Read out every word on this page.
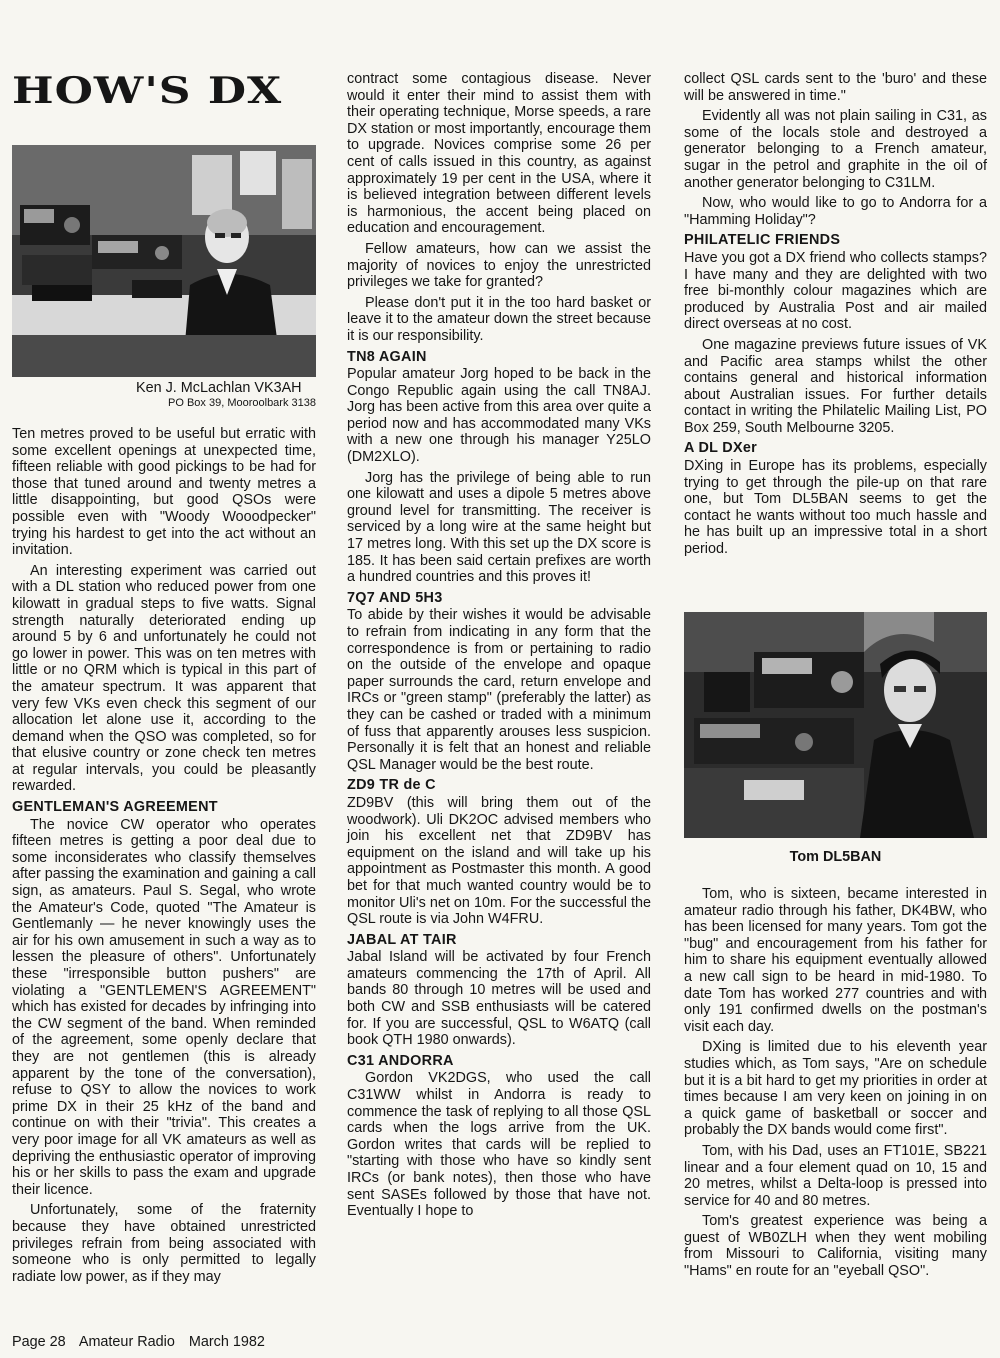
HOW'S DX
Ken J. McLachlan VK3AH
PO Box 39, Mooroolbark 3138

Ten metres proved to be useful but erratic with some excellent openings at unexpected time, fifteen reliable with good pickings to be had for those that tuned around and twenty metres a little disappointing, but good QSOs were possible even with "Woody Wooodpecker" trying his hardest to get into the act without an invitation.

An interesting experiment was carried out with a DL station who reduced power from one kilowatt in gradual steps to five watts. Signal strength naturally deteriorated ending up around 5 by 6 and unfortunately he could not go lower in power. This was on ten metres with little or no QRM which is typical in this part of the amateur spectrum. It was apparent that very few VKs even check this segment of our allocation let alone use it, according to the demand when the QSO was completed, so for that elusive country or zone check ten metres at regular intervals, you could be pleasantly rewarded.

GENTLEMAN'S AGREEMENT

The novice CW operator who operates fifteen metres is getting a poor deal due to some inconsiderates who classify themselves after passing the examination and gaining a call sign, as amateurs. Paul S. Segal, who wrote the Amateur's Code, quoted "The Amateur is Gentlemanly — he never knowingly uses the air for his own amusement in such a way as to lessen the pleasure of others". Unfortunately these "irresponsible button pushers" are violating a "GENTLEMEN'S AGREEMENT" which has existed for decades by infringing into the CW segment of the band. When reminded of the agreement, some openly declare that they are not gentlemen (this is already apparent by the tone of the conversation), refuse to QSY to allow the novices to work prime DX in their 25 kHz of the band and continue on with their "trivia". This creates a very poor image for all VK amateurs as well as depriving the enthusiastic operator of improving his or her skills to pass the exam and upgrade their licence.

Unfortunately, some of the fraternity because they have obtained unrestricted privileges refrain from being associated with someone who is only permitted to legally radiate low power, as if they may

contract some contagious disease. Never would it enter their mind to assist them with their operating technique, Morse speeds, a rare DX station or most importantly, encourage them to upgrade. Novices comprise some 26 per cent of calls issued in this country, as against approximately 19 per cent in the USA, where it is believed integration between different levels is harmonious, the accent being placed on education and encouragement.

Fellow amateurs, how can we assist the majority of novices to enjoy the unrestricted privileges we take for granted?

Please don't put it in the too hard basket or leave it to the amateur down the street because it is our responsibility.

TN8 AGAIN

Popular amateur Jorg hoped to be back in the Congo Republic again using the call TN8AJ. Jorg has been active from this area over quite a period now and has accommodated many VKs with a new one through his manager Y25LO (DM2XLO).

Jorg has the privilege of being able to run one kilowatt and uses a dipole 5 metres above ground level for transmitting. The receiver is serviced by a long wire at the same height but 17 metres long. With this set up the DX score is 185. It has been said certain prefixes are worth a hundred countries and this proves it!

7Q7 AND 5H3

To abide by their wishes it would be advisable to refrain from indicating in any form that the correspondence is from or pertaining to radio on the outside of the envelope and opaque paper surrounds the card, return envelope and IRCs or "green stamp" (preferably the latter) as they can be cashed or traded with a minimum of fuss that apparently arouses less suspicion. Personally it is felt that an honest and reliable QSL Manager would be the best route.

ZD9 TR de C

ZD9BV (this will bring them out of the woodwork). Uli DK2OC advised members who join his excellent net that ZD9BV has equipment on the island and will take up his appointment as Postmaster this month. A good bet for that much wanted country would be to monitor Uli's net on 10m. For the successful the QSL route is via John W4FRU.

JABAL AT TAIR

Jabal Island will be activated by four French amateurs commencing the 17th of April. All bands 80 through 10 metres will be used and both CW and SSB enthusiasts will be catered for. If you are successful, QSL to W6ATQ (call book QTH 1980 onwards).

C31 ANDORRA

Gordon VK2DGS, who used the call C31WW whilst in Andorra is ready to commence the task of replying to all those QSL cards when the logs arrive from the UK. Gordon writes that cards will be replied to "starting with those who have so kindly sent IRCs (or bank notes), then those who have sent SASEs followed by those that have not. Eventually I hope to

collect QSL cards sent to the 'buro' and these will be answered in time."

Evidently all was not plain sailing in C31, as some of the locals stole and destroyed a generator belonging to a French amateur, sugar in the petrol and graphite in the oil of another generator belonging to C31LM.

Now, who would like to go to Andorra for a "Hamming Holiday"?

PHILATELIC FRIENDS

Have you got a DX friend who collects stamps? I have many and they are delighted with two free bi-monthly colour magazines which are produced by Australia Post and air mailed direct overseas at no cost.

One magazine previews future issues of VK and Pacific area stamps whilst the other contains general and historical information about Australian issues. For further details contact in writing the Philatelic Mailing List, PO Box 259, South Melbourne 3205.

A DL DXer

DXing in Europe has its problems, especially trying to get through the pile-up on that rare one, but Tom DL5BAN seems to get the contact he wants without too much hassle and he has built up an impressive total in a short period.

Tom DL5BAN

Tom, who is sixteen, became interested in amateur radio through his father, DK4BW, who has been licensed for many years. Tom got the "bug" and encouragement from his father for him to share his equipment eventually allowed a new call sign to be heard in mid-1980. To date Tom has worked 277 countries and with only 191 confirmed dwells on the postman's visit each day.

DXing is limited due to his eleventh year studies which, as Tom says, "Are on schedule but it is a bit hard to get my priorities in order at times because I am very keen on joining in on a quick game of basketball or soccer and probably the DX bands would come first".

Tom, with his Dad, uses an FT101E, SB221 linear and a four element quad on 10, 15 and 20 metres, whilst a Delta-loop is pressed into service for 40 and 80 metres.

Tom's greatest experience was being a guest of WB0ZLH when they went mobiling from Missouri to California, visiting many "Hams" en route for an "eyeball QSO".

Page 28 Amateur Radio March 1982
